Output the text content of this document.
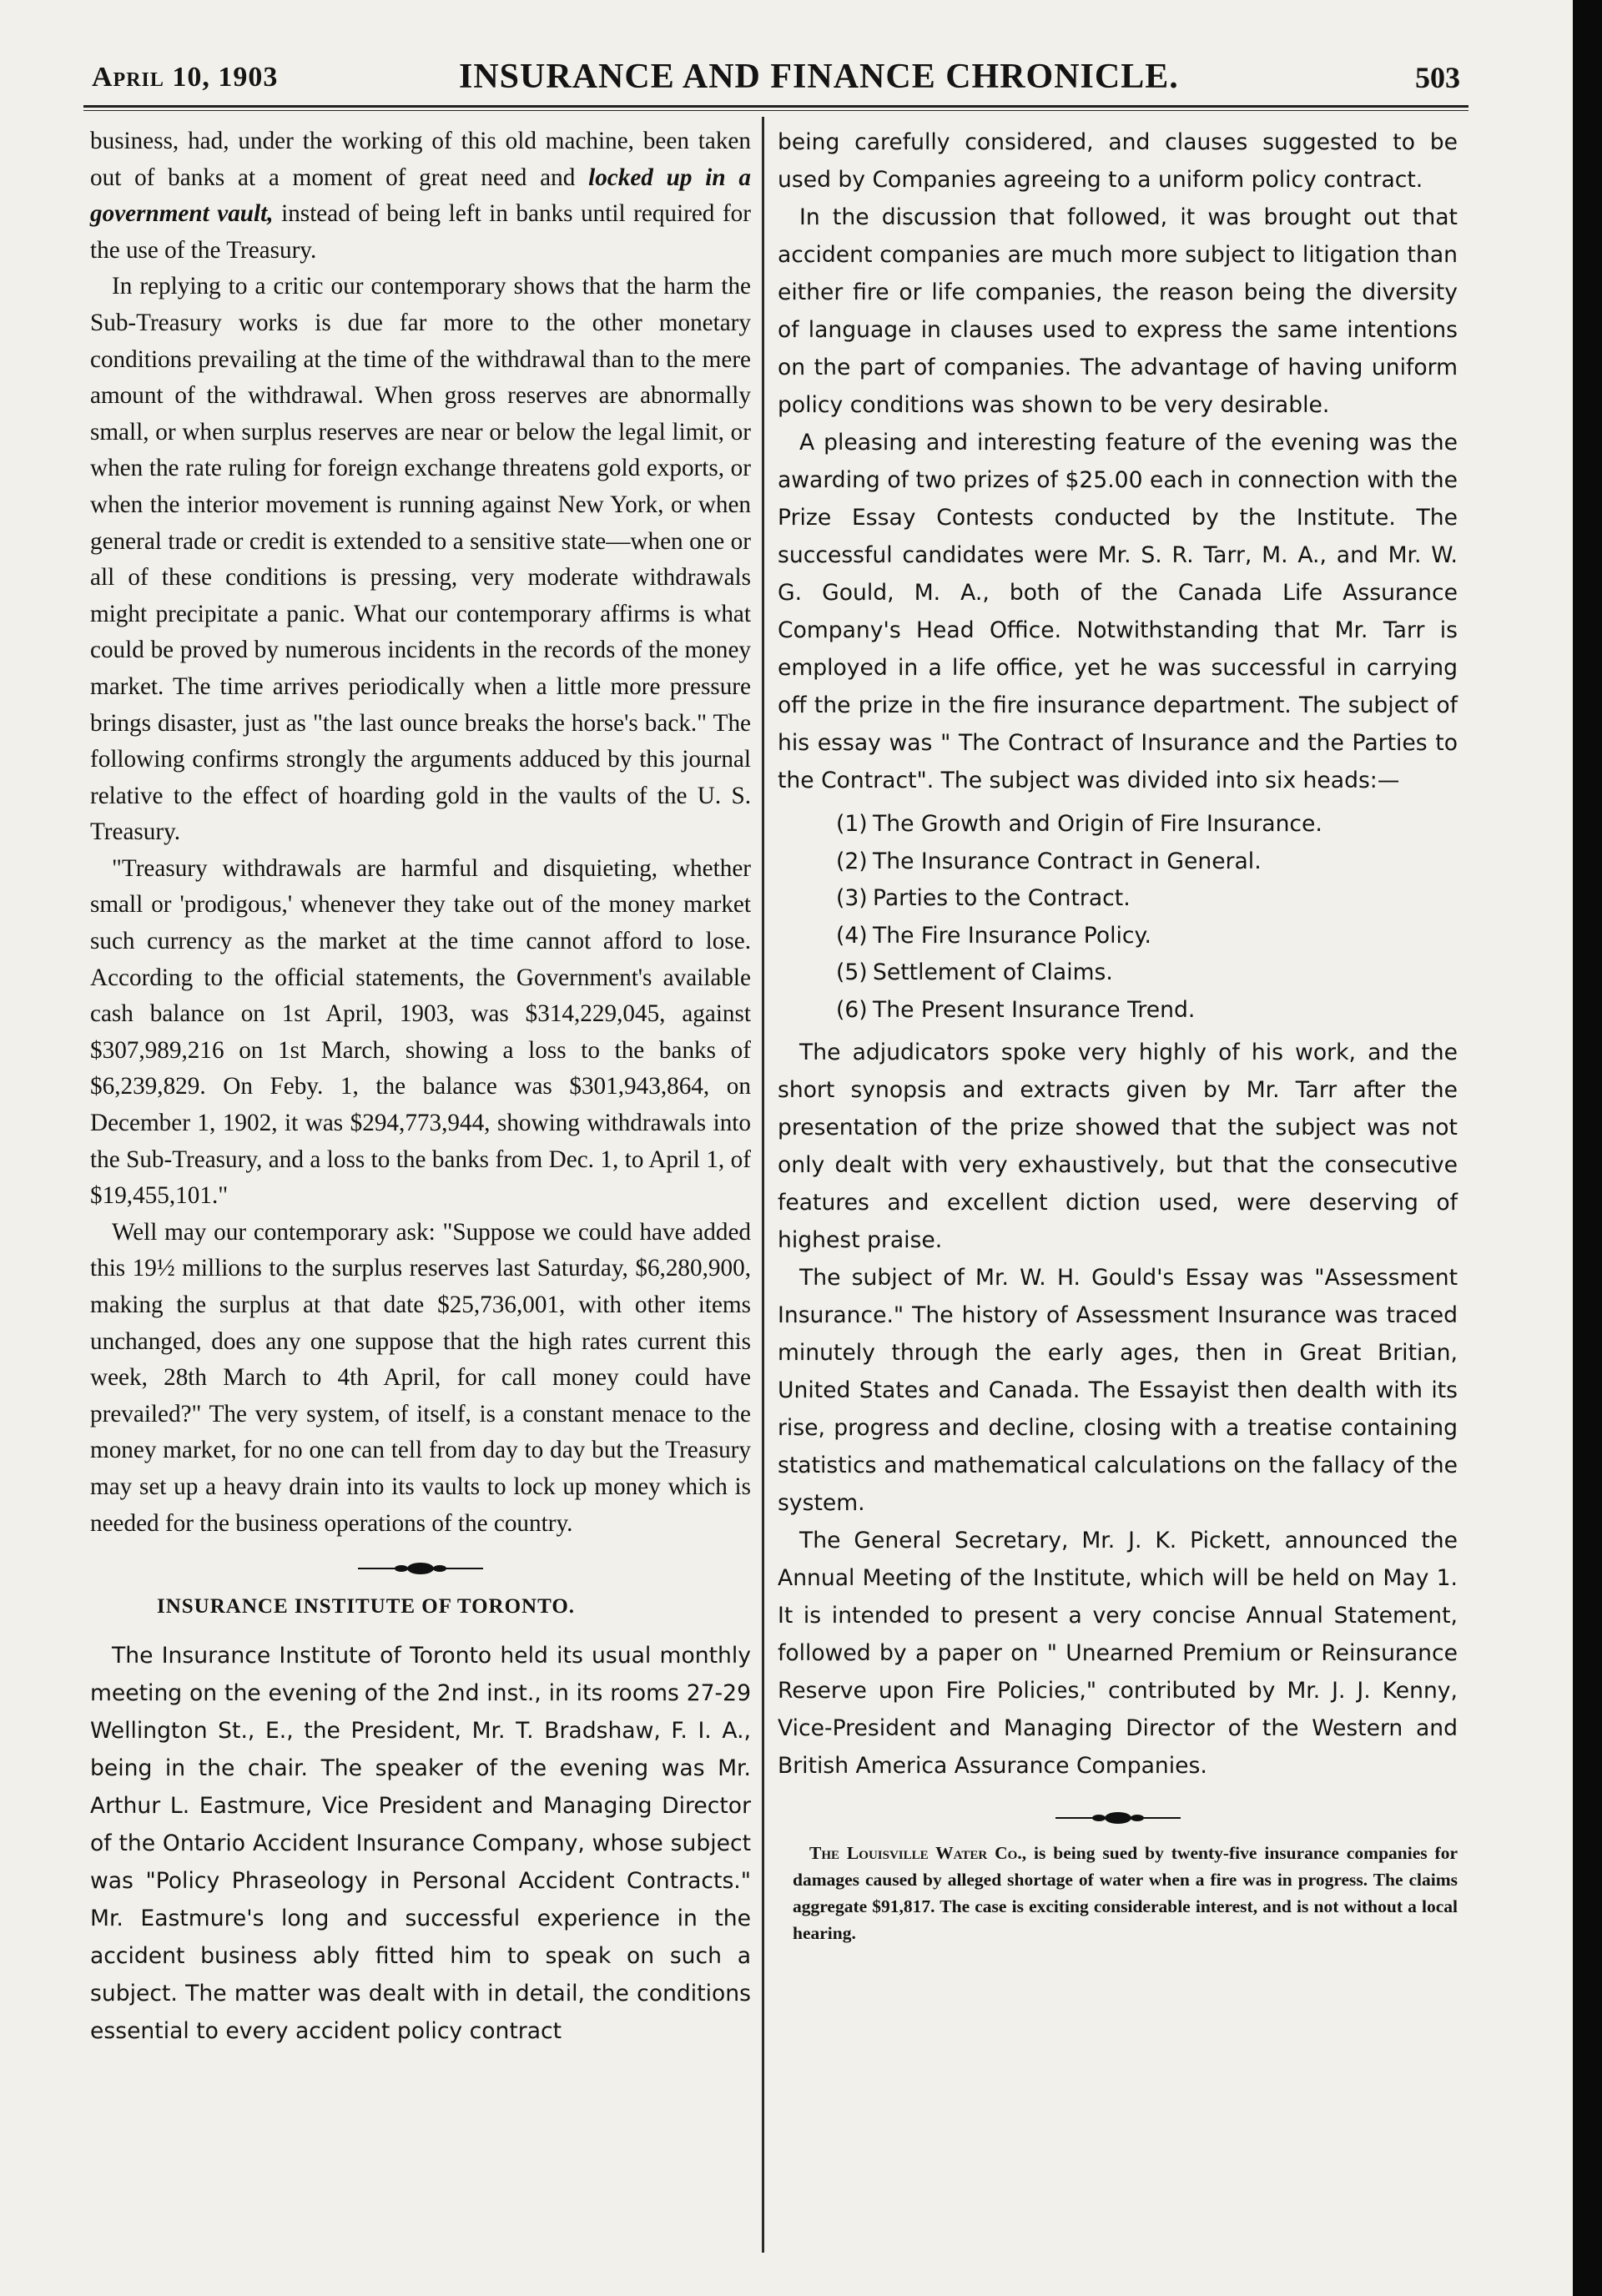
April 10, 1903	INSURANCE AND FINANCE CHRONICLE.	503

business, had, under the working of this old machine, been taken out of banks at a moment of great need and locked up in a government vault, instead of being left in banks until required for the use of the Treasury.

In replying to a critic our contemporary shows that the harm the Sub-Treasury works is due far more to the other monetary conditions prevailing at the time of the withdrawal than to the mere amount of the withdrawal. When gross reserves are abnormally small, or when surplus reserves are near or below the legal limit, or when the rate ruling for foreign exchange threatens gold exports, or when the interior movement is running against New York, or when general trade or credit is extended to a sensitive state—when one or all of these conditions is pressing, very moderate withdrawals might precipitate a panic. What our contemporary affirms is what could be proved by numerous incidents in the records of the money market. The time arrives periodically when a little more pressure brings disaster, just as "the last ounce breaks the horse's back." The following confirms strongly the arguments adduced by this journal relative to the effect of hoarding gold in the vaults of the U. S. Treasury.

"Treasury withdrawals are harmful and disquieting, whether small or 'prodigous,' whenever they take out of the money market such currency as the market at the time cannot afford to lose. According to the official statements, the Government's available cash balance on 1st April, 1903, was $314,229,045, against $307,989,216 on 1st March, showing a loss to the banks of $6,239,829. On Feby. 1, the balance was $301,943,864, on December 1, 1902, it was $294,773,944, showing withdrawals into the Sub-Treasury, and a loss to the banks from Dec. 1, to April 1, of $19,455,101."

Well may our contemporary ask: "Suppose we could have added this 19½ millions to the surplus reserves last Saturday, $6,280,900, making the surplus at that date $25,736,001, with other items unchanged, does any one suppose that the high rates current this week, 28th March to 4th April, for call money could have prevailed?" The very system, of itself, is a constant menace to the money market, for no one can tell from day to day but the Treasury may set up a heavy drain into its vaults to lock up money which is needed for the business operations of the country.

INSURANCE INSTITUTE OF TORONTO.

The Insurance Institute of Toronto held its usual monthly meeting on the evening of the 2nd inst., in its rooms 27-29 Wellington St., E., the President, Mr. T. Bradshaw, F. I. A., being in the chair. The speaker of the evening was Mr. Arthur L. Eastmure, Vice President and Managing Director of the Ontario Accident Insurance Company, whose subject was "Policy Phraseology in Personal Accident Contracts." Mr. Eastmure's long and successful experience in the accident business ably fitted him to speak on such a subject. The matter was dealt with in detail, the conditions essential to every accident policy contract

being carefully considered, and clauses suggested to be used by Companies agreeing to a uniform policy contract.

In the discussion that followed, it was brought out that accident companies are much more subject to litigation than either fire or life companies, the reason being the diversity of language in clauses used to express the same intentions on the part of companies. The advantage of having uniform policy conditions was shown to be very desirable.

A pleasing and interesting feature of the evening was the awarding of two prizes of $25.00 each in connection with the Prize Essay Contests conducted by the Institute. The successful candidates were Mr. S. R. Tarr, M. A., and Mr. W. G. Gould, M. A., both of the Canada Life Assurance Company's Head Office. Notwithstanding that Mr. Tarr is employed in a life office, yet he was successful in carrying off the prize in the fire insurance department. The subject of his essay was " The Contract of Insurance and the Parties to the Contract". The subject was divided into six heads:—

(1) The Growth and Origin of Fire Insurance.
(2) The Insurance Contract in General.
(3) Parties to the Contract.
(4) The Fire Insurance Policy.
(5) Settlement of Claims.
(6) The Present Insurance Trend.

The adjudicators spoke very highly of his work, and the short synopsis and extracts given by Mr. Tarr after the presentation of the prize showed that the subject was not only dealt with very exhaustively, but that the consecutive features and excellent diction used, were deserving of highest praise.

The subject of Mr. W. H. Gould's Essay was "Assessment Insurance." The history of Assessment Insurance was traced minutely through the early ages, then in Great Britian, United States and Canada. The Essayist then dealth with its rise, progress and decline, closing with a treatise containing statistics and mathematical calculations on the fallacy of the system.

The General Secretary, Mr. J. K. Pickett, announced the Annual Meeting of the Institute, which will be held on May 1. It is intended to present a very concise Annual Statement, followed by a paper on " Unearned Premium or Reinsurance Reserve upon Fire Policies," contributed by Mr. J. J. Kenny, Vice-President and Managing Director of the Western and British America Assurance Companies.

The Louisville Water Co., is being sued by twenty-five insurance companies for damages caused by alleged shortage of water when a fire was in progress. The claims aggregate $91,817. The case is exciting considerable interest, and is not without a local hearing.
